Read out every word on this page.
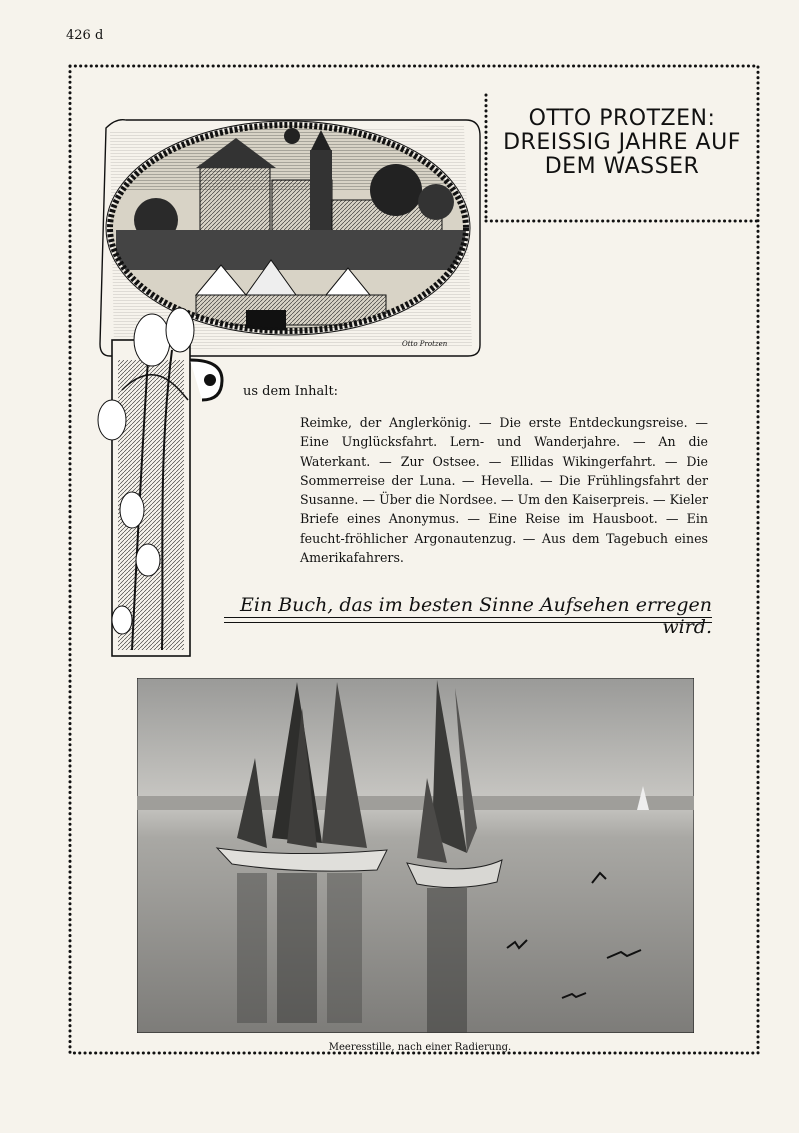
426 d
OTTO PROTZEN:
DREISSIG JAHRE AUF
DEM WASSER
Otto Protzen
us dem Inhalt:

Reimke, der Anglerkönig. — Die erste Entdeckungsreise. — Eine Unglücksfahrt. Lern- und Wanderjahre. — An die Waterkant. — Zur Ostsee. — Ellidas Wikingerfahrt. — Die Sommerreise der Luna. — Hevella. — Die Frühlingsfahrt der Susanne. — Über die Nordsee. — Um den Kaiserpreis. — Kieler Briefe eines Anonymus. — Eine Reise im Hausboot. — Ein feucht-fröhlicher Argonautenzug. — Aus dem Tagebuch eines Amerikafahrers.

Ein Buch, das im besten Sinne Aufsehen erregen wird.
Meeresstille, nach einer Radierung.
